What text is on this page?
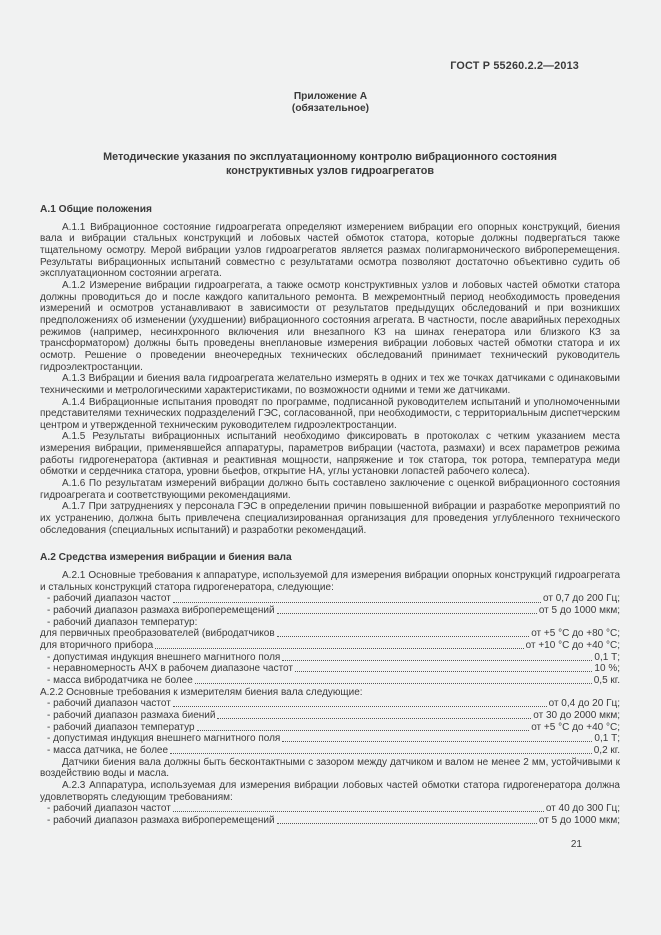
ГОСТ Р 55260.2.2—2013
Приложение А
(обязательное)
Методические указания по эксплуатационному контролю вибрационного состояния
конструктивных узлов гидроагрегатов
А.1 Общие положения

А.1.1 Вибрационное состояние гидроагрегата определяют измерением вибрации его опорных конструкций, биения вала и вибрации стальных конструкций и лобовых частей обмоток статора, которые должны подвергаться также тщательному осмотру. Мерой вибрации узлов гидроагрегатов является размах полигармонического виброперемещения. Результаты вибрационных испытаний совместно с результатами осмотра позволяют достаточно объективно судить об эксплуатационном состоянии агрегата.

А.1.2 Измерение вибрации гидроагрегата, а также осмотр конструктивных узлов и лобовых частей обмотки статора должны проводиться до и после каждого капитального ремонта. В межремонтный период необходимость проведения измерений и осмотров устанавливают в зависимости от результатов предыдущих обследований и при возникших предположениях об изменении (ухудшении) вибрационного состояния агрегата. В частности, после аварийных переходных режимов (например, несинхронного включения или внезапного КЗ на шинах генератора или близкого КЗ за трансформатором) должны быть проведены внеплановые измерения вибрации лобовых частей обмотки статора и их осмотр. Решение о проведении внеочередных технических обследований принимает технический руководитель гидроэлектростанции.

А.1.3 Вибрации и биения вала гидроагрегата желательно измерять в одних и тех же точках датчиками с одинаковыми техническими и метрологическими характеристиками, по возможности одними и теми же датчиками.

А.1.4 Вибрационные испытания проводят по программе, подписанной руководителем испытаний и уполномоченными представителями технических подразделений ГЭС, согласованной, при необходимости, с территориальным диспетчерским центром и утвержденной техническим руководителем гидроэлектростанции.

А.1.5 Результаты вибрационных испытаний необходимо фиксировать в протоколах с четким указанием места измерения вибрации, применявшейся аппаратуры, параметров вибрации (частота, размахи) и всех параметров режима работы гидрогенератора (активная и реактивная мощности, напряжение и ток статора, ток ротора, температура меди обмотки и сердечника статора, уровни бьефов, открытие НА, углы установки лопастей рабочего колеса).

А.1.6 По результатам измерений вибрации должно быть составлено заключение с оценкой вибрационного состояния гидроагрегата и соответствующими рекомендациями.

А.1.7 При затруднениях у персонала ГЭС в определении причин повышенной вибрации и разработке мероприятий по их устранению, должна быть привлечена специализированная организация для проведения углубленного технического обследования (специальных испытаний) и разработки рекомендаций.

А.2 Средства измерения вибрации и биения вала

А.2.1 Основные требования к аппаратуре, используемой для измерения вибрации опорных конструкций гидроагрегата и стальных конструкций статора гидрогенератора, следующие:

- рабочий диапазон частот	от 0,7 до 200 Гц;
- рабочий диапазон размаха виброперемещений	от 5 до 1000 мкм;
- рабочий диапазон температур:
для первичных преобразователей (вибродатчиков	от +5 °С до +80 °С;
для вторичного прибора	от +10 °С до +40 °С;
- допустимая индукция внешнего магнитного поля	0,1 Т;
- неравномерность АЧХ в рабочем диапазоне частот	10 %;
- масса вибродатчика не более	0,5 кг.

А.2.2 Основные требования к измерителям биения вала следующие:

- рабочий диапазон частот	от 0,4 до 20 Гц;
- рабочий диапазон размаха биений	от 30 до 2000 мкм;
- рабочий диапазон температур	от +5 °С до +40 °С;
- допустимая индукция внешнего магнитного поля	0,1 Т;
- масса датчика, не более	0,2 кг.

Датчики биения вала должны быть бесконтактными с зазором между датчиком и валом не менее 2 мм, устойчивыми к воздействию воды и масла.

А.2.3 Аппаратура, используемая для измерения вибрации лобовых частей обмотки статора гидрогенератора должна удовлетворять следующим требованиям:

- рабочий диапазон частот	от 40 до 300 Гц;
- рабочий диапазон размаха виброперемещений	от 5 до 1000 мкм;
21
